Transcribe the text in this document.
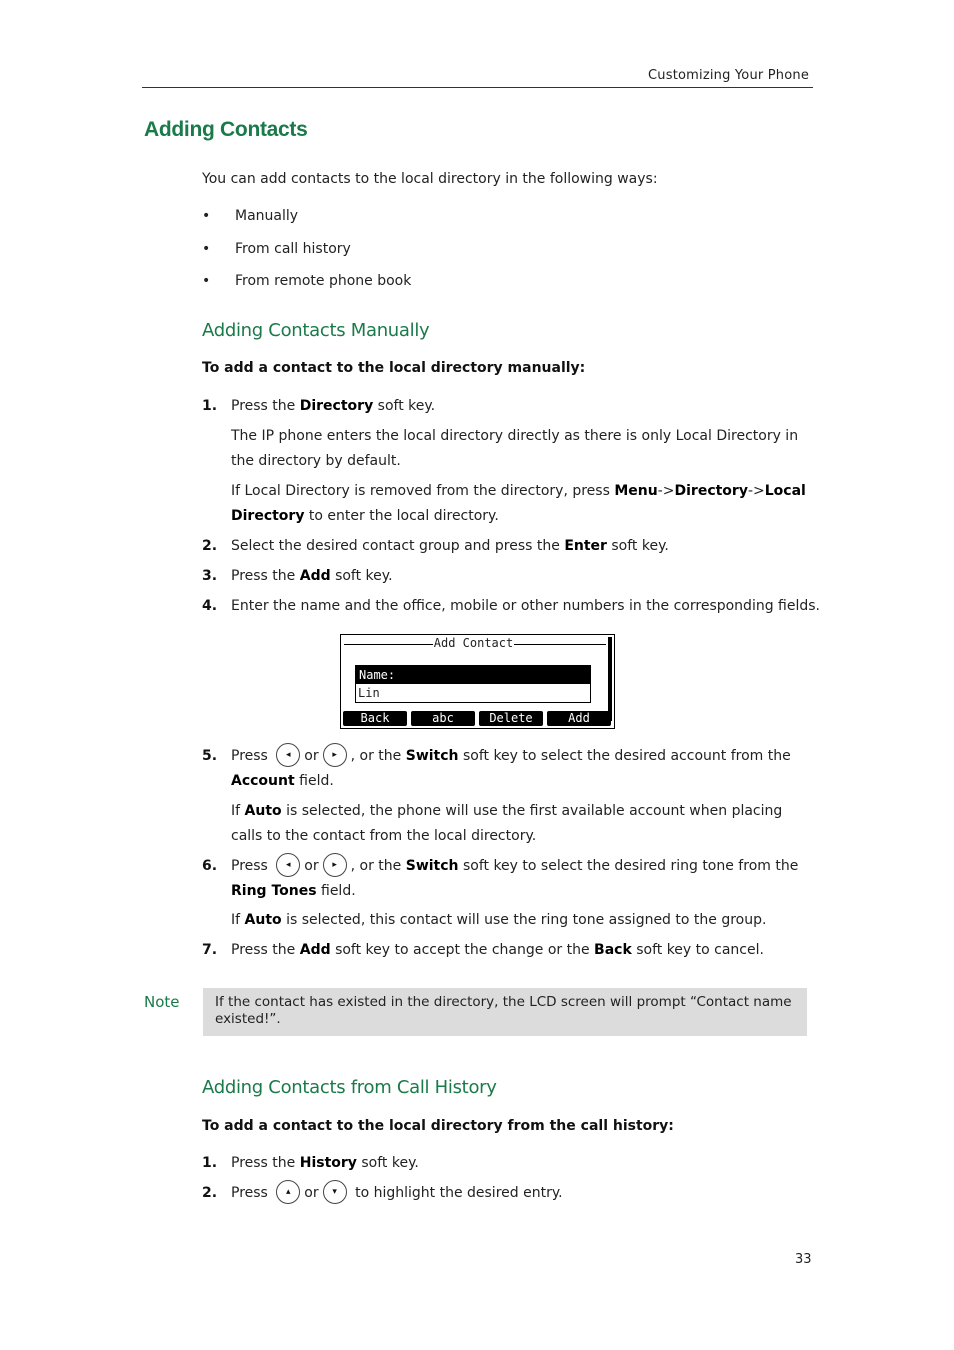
Customizing Your Phone
Adding Contacts
You can add contacts to the local directory in the following ways:
• Manually
• From call history
• From remote phone book
Adding Contacts Manually
To add a contact to the local directory manually:
1. Press the Directory soft key.
The IP phone enters the local directory directly as there is only Local Directory in the directory by default.
If Local Directory is removed from the directory, press Menu->Directory->Local Directory to enter the local directory.
2. Select the desired contact group and press the Enter soft key.
3. Press the Add soft key.
4. Enter the name and the office, mobile or other numbers in the corresponding fields.
Add Contact
Name:
Lin
Back	abc	Delete	Add
5. Press	◂ or	▸ , or the Switch soft key to select the desired account from the Account field.
If Auto is selected, the phone will use the first available account when placing calls to the contact from the local directory.
6. Press	◂ or	▸ , or the Switch soft key to select the desired ring tone from the Ring Tones field.
If Auto is selected, this contact will use the ring tone assigned to the group.
7. Press the Add soft key to accept the change or the Back soft key to cancel.
Note	If the contact has existed in the directory, the LCD screen will prompt “Contact name existed!”.
Adding Contacts from Call History
To add a contact to the local directory from the call history:
1. Press the History soft key.
2. Press	▴ or	▾ to highlight the desired entry.
33
